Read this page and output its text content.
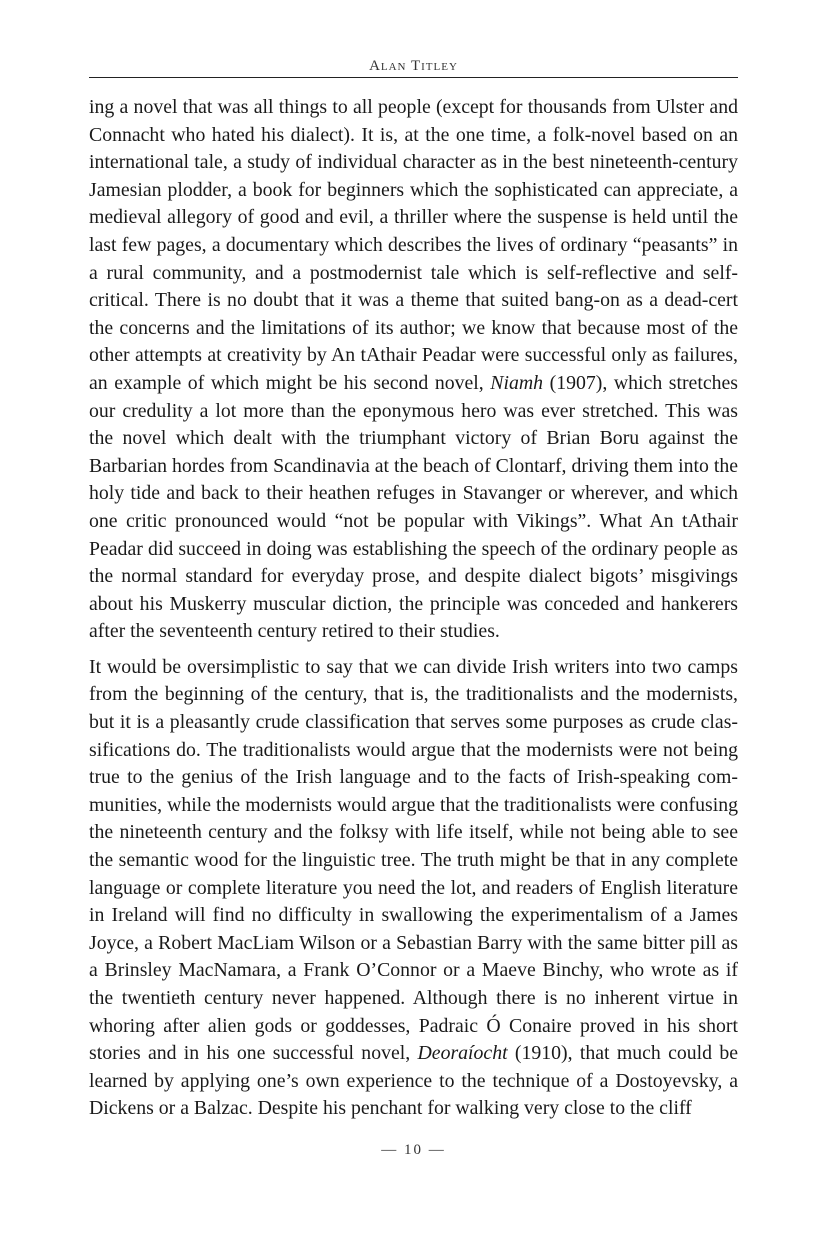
Alan Titley

ing a novel that was all things to all people (except for thousands from Ulster and Connacht who hated his dialect). It is, at the one time, a folk-novel based on an international tale, a study of individual character as in the best nineteenth-century Jamesian plodder, a book for beginners which the sophisticated can appreciate, a medieval allegory of good and evil, a thriller where the suspense is held until the last few pages, a documentary which describes the lives of ordinary “peasants” in a rural community, and a postmodernist tale which is self-reflective and self-critical. There is no doubt that it was a theme that suited bang-on as a dead-cert the concerns and the limitations of its author; we know that because most of the other attempts at creativity by An tAthair Peadar were successful only as failures, an example of which might be his second novel, Niamh (1907), which stretches our credulity a lot more than the eponymous hero was ever stretched. This was the novel which dealt with the triumphant victory of Brian Boru against the Barbarian hordes from Scandinavia at the beach of Clontarf, driving them into the holy tide and back to their heathen refuges in Stavanger or wherever, and which one critic pronounced would “not be popular with Vikings”. What An tAthair Peadar did succeed in doing was establishing the speech of the ordinary people as the normal standard for everyday prose, and despite dialect bigots’ misgivings about his Muskerry muscular diction, the principle was conceded and hankerers after the seventeenth century retired to their studies.

It would be oversimplistic to say that we can divide Irish writers into two camps from the beginning of the century, that is, the traditionalists and the modernists, but it is a pleasantly crude classification that serves some purposes as crude classifications do. The traditionalists would argue that the modernists were not being true to the genius of the Irish language and to the facts of Irish-speaking communities, while the modernists would argue that the traditionalists were confusing the nineteenth century and the folksy with life itself, while not being able to see the semantic wood for the linguistic tree. The truth might be that in any complete language or complete literature you need the lot, and readers of English literature in Ireland will find no difficulty in swallowing the experimentalism of a James Joyce, a Robert MacLiam Wilson or a Sebastian Barry with the same bitter pill as a Brinsley MacNamara, a Frank O’Connor or a Maeve Binchy, who wrote as if the twentieth century never happened. Although there is no inherent virtue in whoring after alien gods or goddesses, Padraic Ó Conaire proved in his short stories and in his one successful novel, Deoraíocht (1910), that much could be learned by applying one’s own experience to the technique of a Dostoyevsky, a Dickens or a Balzac. Despite his penchant for walking very close to the cliff

— 10 —
